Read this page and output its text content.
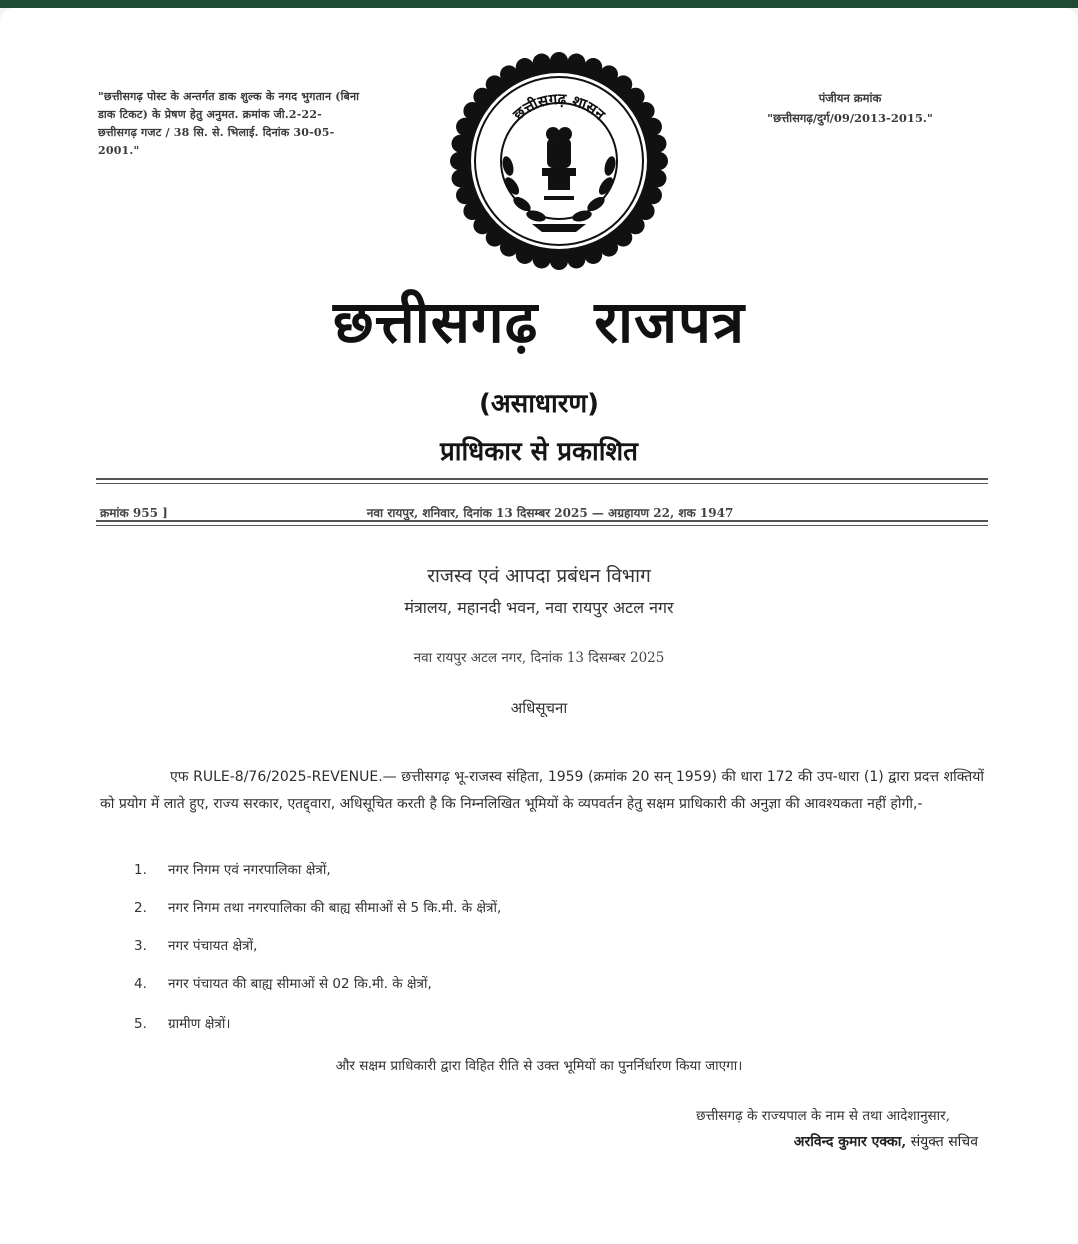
"छत्तीसगढ़ पोस्ट के अन्तर्गत डाक शुल्क के नगद भुगतान (बिना डाक टिकट) के प्रेषण हेतु अनुमत. क्रमांक जी.2-22-छत्तीसगढ़ गजट / 38 सि. से. भिलाई. दिनांक 30-05-2001."
पंजीयन क्रमांक
"छत्तीसगढ़/दुर्ग/09/2013-2015."
छत्तीसगढ़ शासन
छत्तीसगढ़ राजपत्र
(असाधारण)
प्राधिकार से प्रकाशित
क्रमांक 955 ]	नवा रायपुर, शनिवार, दिनांक 13 दिसम्बर 2025 — अग्रहायण 22, शक 1947
राजस्व एवं आपदा प्रबंधन विभाग
मंत्रालय, महानदी भवन, नवा रायपुर अटल नगर
नवा रायपुर अटल नगर, दिनांक 13 दिसम्बर 2025
अधिसूचना
एफ RULE-8/76/2025-REVENUE.— छत्तीसगढ़ भू-राजस्व संहिता, 1959 (क्रमांक 20 सन् 1959) की धारा 172 की उप-धारा (1) द्वारा प्रदत्त शक्तियों को प्रयोग में लाते हुए, राज्य सरकार, एतद्द्वारा, अधिसूचित करती है कि निम्नलिखित भूमियों के व्यपवर्तन हेतु सक्षम प्राधिकारी की अनुज्ञा की आवश्यकता नहीं होगी,-
1. नगर निगम एवं नगरपालिका क्षेत्रों,
2. नगर निगम तथा नगरपालिका की बाह्य सीमाओं से 5 कि.मी. के क्षेत्रों,
3. नगर पंचायत क्षेत्रों,
4. नगर पंचायत की बाह्य सीमाओं से 02 कि.मी. के क्षेत्रों,
5. ग्रामीण क्षेत्रों।
और सक्षम प्राधिकारी द्वारा विहित रीति से उक्त भूमियों का पुनर्निर्धारण किया जाएगा।
छत्तीसगढ़ के राज्यपाल के नाम से तथा आदेशानुसार,
अरविन्द कुमार एक्का, संयुक्त सचिव
